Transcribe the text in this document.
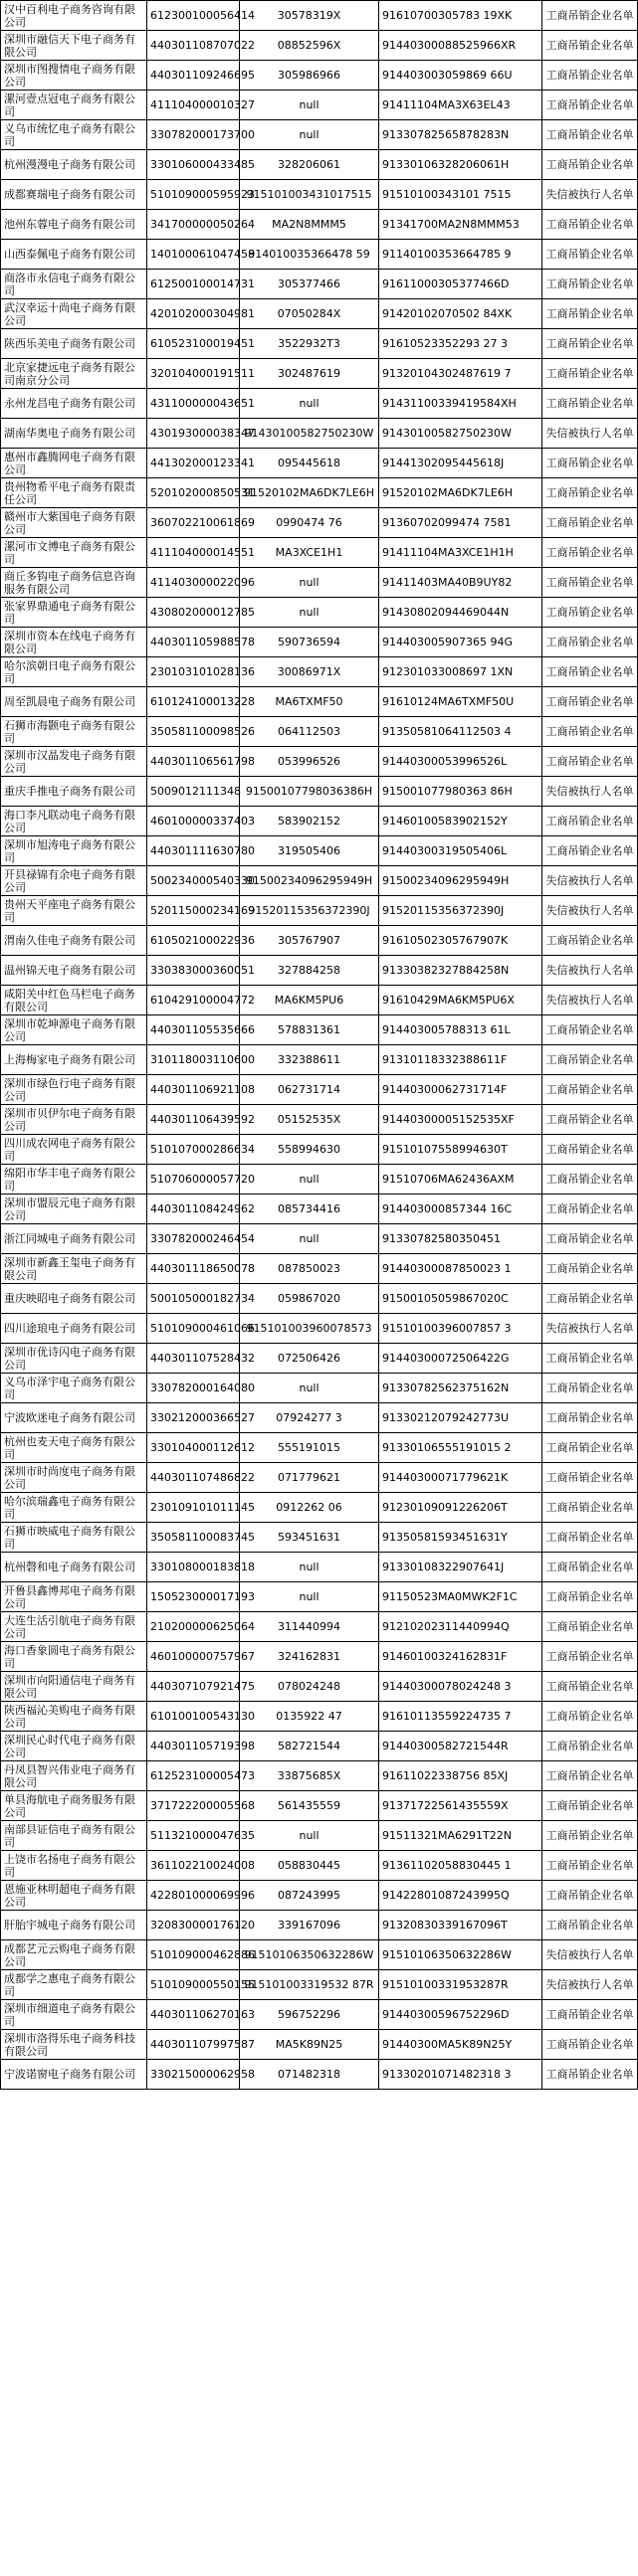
汉中百利电子商务咨询有限公司	612300100056414	30578319X	91610700305783 19XK	工商吊销企业名单
深圳市融信天下电子商务有限公司	440301108707022	08852596X	91440300088525966XR	工商吊销企业名单
深圳市图搜情电子商务有限公司	440301109246695	305986966	914403003059869 66U	工商吊销企业名单
漯河壹点冠电子商务有限公司	411104000010327	null	91411104MA3X63EL43	工商吊销企业名单
义乌市统忆电子商务有限公司	330782000173700	null	91330782565878283N	工商吊销企业名单
杭州漫漫电子商务有限公司	330106000433485	328206061	91330106328206061H	工商吊销企业名单
成都赛瑞电子商务有限公司	510109000595923	915101003431017515	91510100343101 7515	失信被执行人名单
池州东蓉电子商务有限公司	341700000050264	MA2N8MMM5	91341700MA2N8MMM53	工商吊销企业名单
山西泰佩电子商务有限公司	140100061047458	914010035366478 59	91140100353664785 9	工商吊销企业名单
商洛市永信电子商务有限公司	612500100014731	305377466	91611000305377466D	工商吊销企业名单
武汉幸运十尚电子商务有限公司	420102000304981	07050284X	91420102070502 84XK	工商吊销企业名单
陕西乐美电子商务有限公司	610523100019451	3522932T3	91610523352293 27 3	工商吊销企业名单
北京家捷远电子商务有限公司南京分公司	320104000191511	302487619	91320104302487619 7	工商吊销企业名单
永州龙昌电子商务有限公司	431100000043651	null	91431100339419584XH	工商吊销企业名单
湖南华奥电子商务有限公司	430193000038347	91430100582750230W	91430100582750230W	失信被执行人名单
惠州市鑫腾网电子商务有限公司	441302000123341	095445618	91441302095445618J	工商吊销企业名单
贵州物希平电子商务有限责任公司	520102000850531	91520102MA6DK7LE6H	91520102MA6DK7LE6H	工商吊销企业名单
赣州市大紫国电子商务有限公司	360702210061869	0990474 76	91360702099474 7581	工商吊销企业名单
漯河市文博电子商务有限公司	411104000014551	MA3XCE1H1	91411104MA3XCE1H1H	工商吊销企业名单
商丘多钩电子商务信息咨询服务有限公司	411403000022096	null	91411403MA40B9UY82	工商吊销企业名单
张家界鼎通电子商务有限公司	430802000012785	null	91430802094469044N	工商吊销企业名单
深圳市资本在线电子商务有限公司	440301105988578	590736594	914403005907365 94G	工商吊销企业名单
哈尔滨朝日电子商务有限公司	230103101028136	30086971X	912301033008697 1XN	工商吊销企业名单
周至凯晨电子商务有限公司	610124100013228	MA6TXMF50	91610124MA6TXMF50U	工商吊销企业名单
石狮市海颢电子商务有限公司	350581100098526	064112503	91350581064112503 4	工商吊销企业名单
深圳市汉晶发电子商务有限公司	440301106561798	053996526	91440300053996526L	工商吊销企业名单
重庆手推电子商务有限公司	5009012111348	91500107798036386H	915001077980363 86H	失信被执行人名单
海口李凡联动电子商务有限公司	460100000337403	583902152	91460100583902152Y	工商吊销企业名单
深圳市旭涛电子商务有限公司	440301111630780	319505406	91440300319505406L	工商吊销企业名单
开县禄锦有余电子商务有限公司	500234000540330	91500234096295949H	91500234096295949H	失信被执行人名单
贵州天平座电子商务有限公司	520115000234169	91520115356372390J	91520115356372390J	失信被执行人名单
渭南久佳电子商务有限公司	610502100022936	305767907	91610502305767907K	工商吊销企业名单
温州锦天电子商务有限公司	330383000360051	327884258	91330382327884258N	失信被执行人名单
咸阳关中红色马栏电子商务有限公司	610429100004772	MA6KM5PU6	91610429MA6KM5PU6X	失信被执行人名单
深圳市乾坤源电子商务有限公司	440301105535666	578831361	914403005788313 61L	工商吊销企业名单
上海梅家电子商务有限公司	310118003110600	332388611	91310118332388611F	工商吊销企业名单
深圳市绿色行电子商务有限公司	440301106921108	062731714	91440300062731714F	工商吊销企业名单
深圳市贝伊尔电子商务有限公司	440301106439592	05152535X	91440300005152535XF	工商吊销企业名单
四川成农网电子商务有限公司	510107000286634	558994630	91510107558994630T	工商吊销企业名单
绵阳市华丰电子商务有限公司	510706000057720	null	91510706MA62436AXM	工商吊销企业名单
深圳市盟辰元电子商务有限公司	440301108424962	085734416	914403000857344 16C	工商吊销企业名单
浙江同城电子商务有限公司	330782000246454	null	91330782580350451	工商吊销企业名单
深圳市新鑫王玺电子商务有限公司	440301118650078	087850023	91440300087850023 1	工商吊销企业名单
重庆映昭电子商务有限公司	500105000182734	059867020	91500105059867020C	工商吊销企业名单
四川途琅电子商务有限公司	510109000461066	915101003960078573	91510100396007857 3	失信被执行人名单
深圳市优诗闪电子商务有限公司	440301107528432	072506426	91440300072506422G	工商吊销企业名单
义乌市泽宇电子商务有限公司	330782000164080	null	91330782562375162N	工商吊销企业名单
宁波欧迷电子商务有限公司	330212000366527	07924277 3	91330212079242773U	工商吊销企业名单
杭州也麦天电子商务有限公司	330104000112612	555191015	91330106555191015 2	工商吊销企业名单
深圳市时尚度电子商务有限公司	440301107486822	071779621	91440300071779621K	工商吊销企业名单
哈尔滨瑞鑫电子商务有限公司	230109101011145	0912262 06	91230109091226206T	工商吊销企业名单
石狮市映威电子商务有限公司	350581100083745	593451631	91350581593451631Y	工商吊销企业名单
杭州磬和电子商务有限公司	330108000183818	null	91330108322907641J	工商吊销企业名单
开鲁县鑫博邦电子商务有限公司	150523000017193	null	91150523MA0MWK2F1C	工商吊销企业名单
大连生活引航电子商务有限公司	210200000625064	311440994	91210202311440994Q	工商吊销企业名单
海口香象圆电子商务有限公司	460100000757967	324162831	91460100324162831F	工商吊销企业名单
深圳市向阳通信电子商务有限公司	440307107921475	078024248	91440300078024248 3	工商吊销企业名单
陕西福沁美购电子商务有限公司	610100100543130	0135922 47	91610113559224735 7	工商吊销企业名单
深圳民心时代电子商务有限公司	440301105719398	582721544	91440300582721544R	工商吊销企业名单
丹凤县智兴伟业电子商务有限公司	612523100005473	33875685X	91611022338756 85XJ	工商吊销企业名单
单县海航电子商务服务有限公司	371722200005568	561435559	91371722561435559X	工商吊销企业名单
南部县证信电子商务有限公司	511321000047635	null	91511321MA6291T22N	工商吊销企业名单
上饶市名扬电子商务有限公司	361102210024008	058830445	91361102058830445 1	工商吊销企业名单
恩施亚林明超电子商务有限公司	422801000069996	087243995	91422801087243995Q	工商吊销企业名单
肝胎宇城电子商务有限公司	320830000176120	339167096	91320830339167096T	工商吊销企业名单
成都艺元云购电子商务有限公司	510109000462886	91510106350632286W	91510106350632286W	失信被执行人名单
成都学之惠电子商务有限公司	510109000550155	915101003319532 87R	91510100331953287R	失信被执行人名单
深圳市细道电子商务有限公司	440301106270163	596752296	91440300596752296D	工商吊销企业名单
深圳市洛得乐电子商务科技有限公司	440301107997587	MA5K89N25	91440300MA5K89N25Y	工商吊销企业名单
宁波诺窗电子商务有限公司	330215000062958	071482318	91330201071482318 3	工商吊销企业名单
